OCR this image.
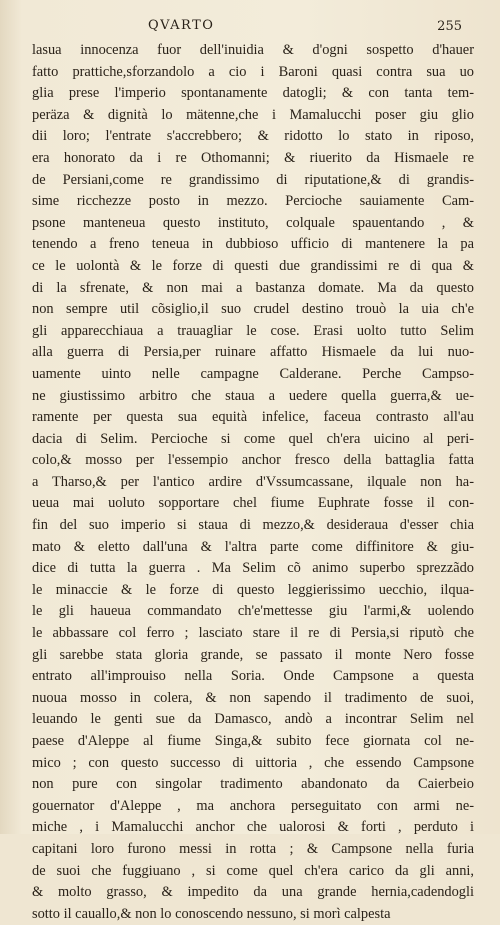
QVARTO	255
lasua innocenza fuor dell'inuidia & d'ogni sospetto d'hauer
fatto prattiche,sforzandolo a cio i Baroni quasi contra sua uo
glia prese l'imperio spontanamente datogli; & con tanta tem-
peräza & dignità lo mätenne,che i Mamalucchi poser giu glio
dii loro; l'entrate s'accrebbero; & ridotto lo stato in riposo,
era honorato da i re Othomanni; & riuerito da Hismaele re
de Persiani,come re grandissimo di riputatione,& di grandis-
sime ricchezze posto in mezzo. Percioche sauiamente Cam-
psone manteneua questo instituto, colquale spauentando , &
tenendo a freno teneua in dubbioso ufficio di mantenere la pa
ce le uolontà & le forze di questi due grandissimi re di qua &
di la sfrenate, & non mai a bastanza domate. Ma da questo
non sempre util cõsiglio,il suo crudel destino trouò la uia ch'e
gli apparecchiaua a trauagliar le cose. Erasi uolto tutto Selim
alla guerra di Persia,per ruinare affatto Hismaele da lui nuo-
uamente uinto nelle campagne Calderane. Perche Campso-
ne giustissimo arbitro che staua a uedere quella guerra,& ue-
ramente per questa sua equità infelice, faceua contrasto all'au
dacia di Selim. Percioche si come quel ch'era uicino al peri-
colo,& mosso per l'essempio anchor fresco della battaglia fatta
a Tharso,& per l'antico ardire d'Vssumcassane, ilquale non ha-
ueua mai uoluto sopportare chel fiume Euphrate fosse il con-
fin del suo imperio si staua di mezzo,& desideraua d'esser chia
mato & eletto dall'una & l'altra parte come diffinitore & giu-
dice di tutta la guerra . Ma Selim cõ animo superbo sprezzãdo
le minaccie & le forze di questo leggierissimo uecchio, ilqua-
le gli haueua commandato ch'e'mettesse giu l'armi,& uolendo
le abbassare col ferro ; lasciato stare il re di Persia,si riputò che
gli sarebbe stata gloria grande, se passato il monte Nero fosse
entrato all'improuiso nella Soria. Onde Campsone a questa
nuoua mosso in colera, & non sapendo il tradimento de suoi,
leuando le genti sue da Damasco, andò a incontrar Selim nel
paese d'Aleppe al fiume Singa,& subito fece giornata col ne-
mico ; con questo successo di uittoria , che essendo Campsone
non pure con singolar tradimento abandonato da Caierbeio
gouernator d'Aleppe , ma anchora perseguitato con armi ne-
miche , i Mamalucchi anchor che ualorosi & forti , perduto i
capitani loro furono messi in rotta ; & Campsone nella furia
de suoi che fuggiuano , si come quel ch'era carico da gli anni,
& molto grasso, & impedito da una grande hernia,cadendogli
sotto il cauallo,& non lo conoscendo nessuno, si morì calpesta
